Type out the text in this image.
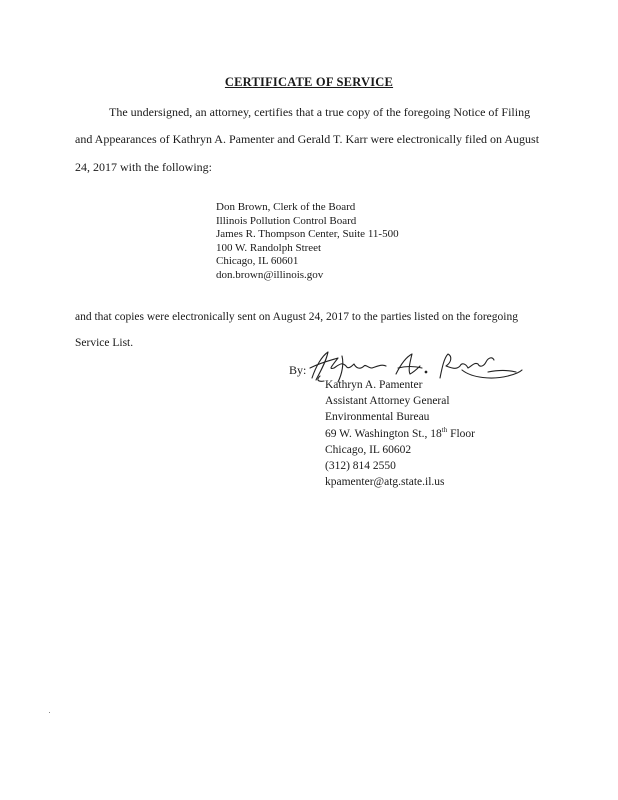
CERTIFICATE OF SERVICE
The undersigned, an attorney, certifies that a true copy of the foregoing Notice of Filing
and Appearances of Kathryn A. Pamenter and Gerald T. Karr were electronically filed on August
24, 2017 with the following:
Don Brown, Clerk of the Board
Illinois Pollution Control Board
James R. Thompson Center, Suite 11-500
100 W. Randolph Street
Chicago, IL 60601
don.brown@illinois.gov
and that copies were electronically sent on August 24, 2017 to the parties listed on the foregoing
Service List.
By:
Kathryn A. Pamenter
Assistant Attorney General
Environmental Bureau
69 W. Washington St., 18th Floor
Chicago, IL 60602
(312) 814 2550
kpamenter@atg.state.il.us
